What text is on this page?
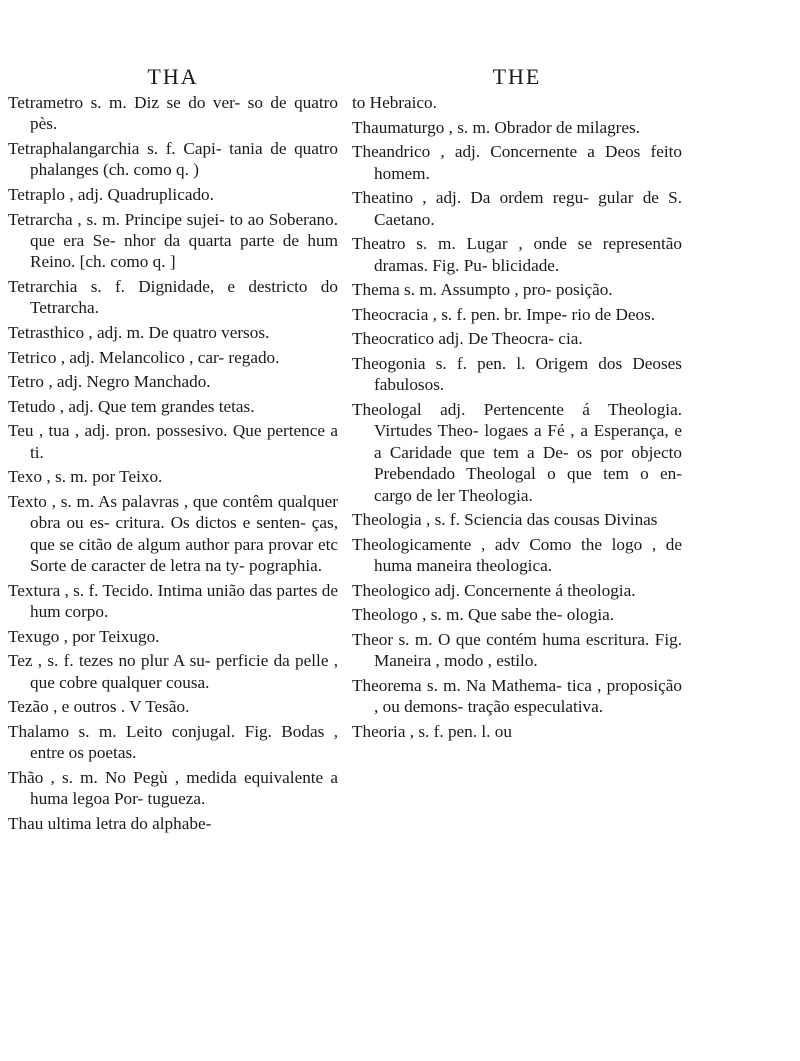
THA

Tetrametro s. m. Diz se do ver- so de quatro pès.

Tetraphalangarchia s. f. Capi- tania de quatro phalanges (ch. como q. )

Tetraplo , adj. Quadruplicado.

Tetrarcha , s. m. Principe sujei- to ao Soberano. que era Se- nhor da quarta parte de hum Reino. [ch. como q. ]

Tetrarchia s. f. Dignidade, e destricto do Tetrarcha.

Tetrasthico , adj. m. De quatro versos.

Tetrico , adj. Melancolico , car- regado.

Tetro , adj. Negro Manchado.

Tetudo , adj. Que tem grandes tetas.

Teu , tua , adj. pron. possesivo. Que pertence a ti.

Texo , s. m. por Teixo.

Texto , s. m. As palavras , que contêm qualquer obra ou es- critura. Os dictos e senten- ças, que se citão de algum author para provar etc Sorte de caracter de letra na ty- pographia.

Textura , s. f. Tecido. Intima união das partes de hum corpo.

Texugo , por Teixugo.

Tez , s. f. tezes no plur A su- perficie da pelle , que cobre qualquer cousa.

Tezão , e outros . V Tesão.

Thalamo s. m. Leito conjugal. Fig. Bodas , entre os poetas.

Thão , s. m. No Pegù , medida equivalente a huma legoa Por- tugueza.

Thau ultima letra do alphabe-

THE

to Hebraico.

Thaumaturgo , s. m. Obrador de milagres.

Theandrico , adj. Concernente a Deos feito homem.

Theatino , adj. Da ordem regu- gular de S. Caetano.

Theatro s. m. Lugar , onde se representão dramas. Fig. Pu- blicidade.

Thema s. m. Assumpto , pro- posição.

Theocracia , s. f. pen. br. Impe- rio de Deos.

Theocratico adj. De Theocra- cia.

Theogonia s. f. pen. l. Origem dos Deoses fabulosos.

Theologal adj. Pertencente á Theologia. Virtudes Theo- logaes a Fé , a Esperança, e a Caridade que tem a De- os por objecto Prebendado Theologal o que tem o en- cargo de ler Theologia.

Theologia , s. f. Sciencia das cousas Divinas

Theologicamente , adv Como the logo , de huma maneira theologica.

Theologico adj. Concernente á theologia.

Theologo , s. m. Que sabe the- ologia.

Theor s. m. O que contém huma escritura. Fig. Maneira , modo , estilo.

Theorema s. m. Na Mathema- tica , proposição , ou demons- tração especulativa.

Theoria , s. f. pen. l. ou
